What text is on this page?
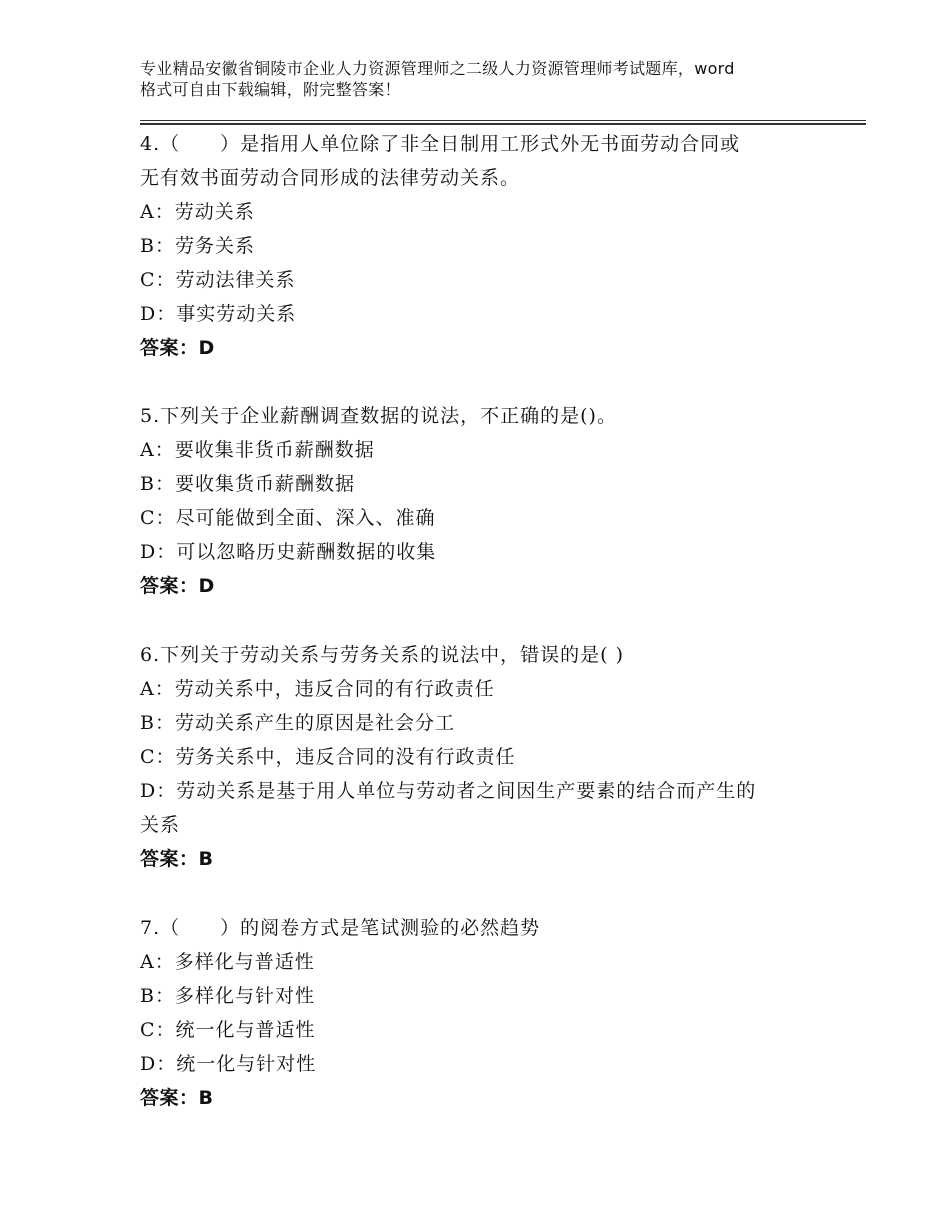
专业精品安徽省铜陵市企业人力资源管理师之二级人力资源管理师考试题库，word
格式可自由下载编辑，附完整答案！
4.（　　）是指用人单位除了非全日制用工形式外无书面劳动合同或
无有效书面劳动合同形成的法律劳动关系。
A：劳动关系
B：劳务关系
C：劳动法律关系
D：事实劳动关系
答案：D
5.下列关于企业薪酬调查数据的说法，不正确的是()。
A：要收集非货币薪酬数据
B：要收集货币薪酬数据
C：尽可能做到全面、深入、准确
D：可以忽略历史薪酬数据的收集
答案：D
6.下列关于劳动关系与劳务关系的说法中，错误的是( )
A：劳动关系中，违反合同的有行政责任
B：劳动关系产生的原因是社会分工
C：劳务关系中，违反合同的没有行政责任
D：劳动关系是基于用人单位与劳动者之间因生产要素的结合而产生的
关系
答案：B
7.（　　）的阅卷方式是笔试测验的必然趋势
A：多样化与普适性
B：多样化与针对性
C：统一化与普适性
D：统一化与针对性
答案：B
